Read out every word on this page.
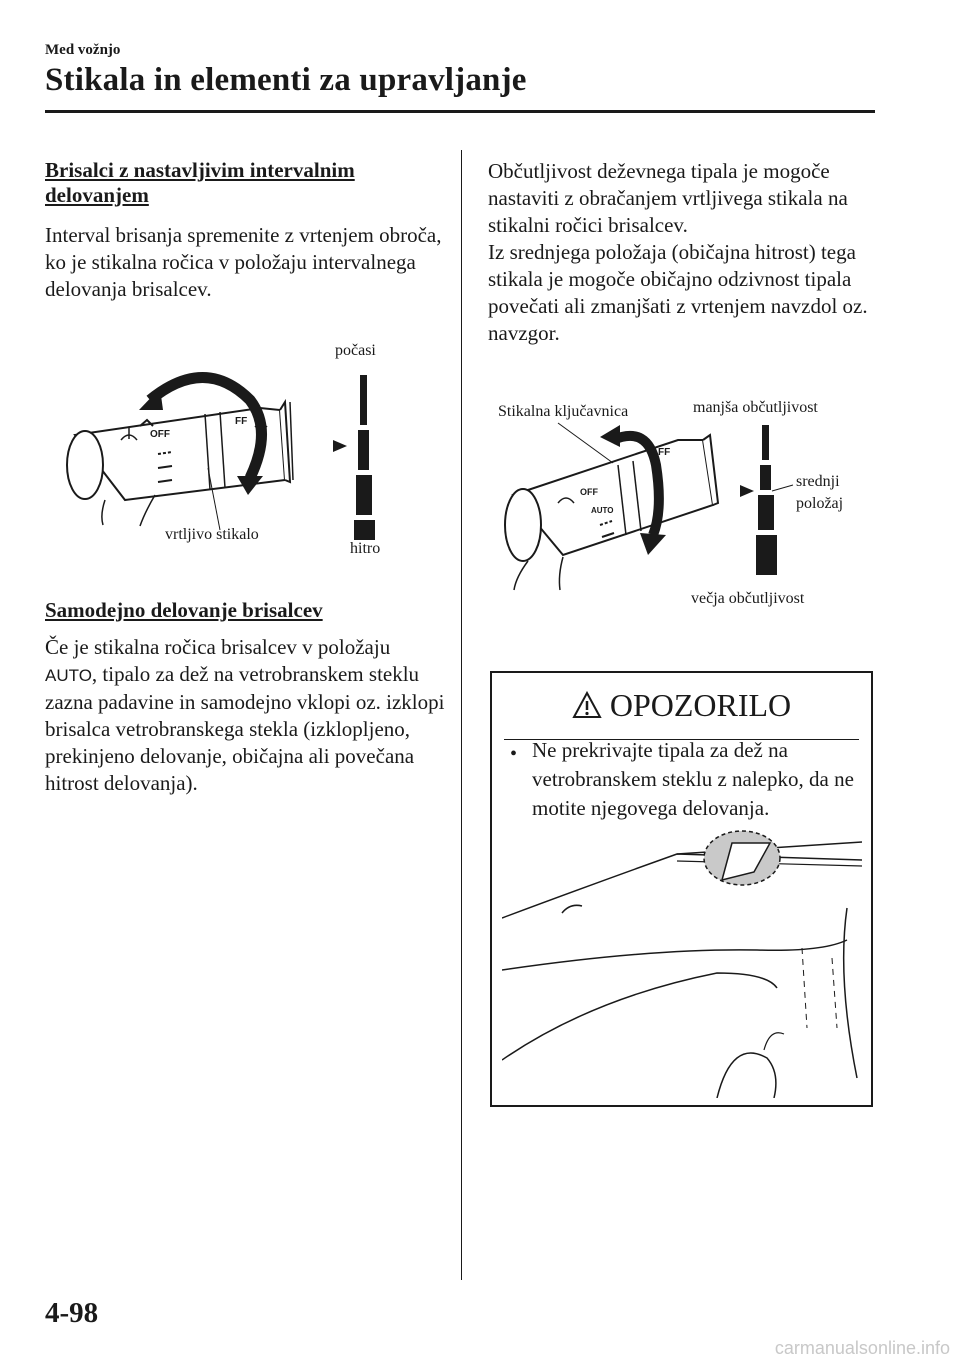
Med vožnjo
Stikala in elementi za upravljanje
Brisalci z nastavljivim intervalnim
delovanjem
Interval brisanja spremenite z vrtenjem obroča, ko je stikalna ročica v položaju intervalnega delovanja brisalcev.
OFF
FF
počasi
hitro
vrtljivo stikalo
Samodejno delovanje brisalcev
Če je stikalna ročica brisalcev v položaju AUTO, tipalo za dež na vetrobranskem steklu zazna padavine in samodejno vklopi oz. izklopi brisalca vetrobranskega stekla (izklopljeno, prekinjeno delovanje, običajna ali povečana hitrost delovanja).
Občutljivost deževnega tipala je mogoče nastaviti z obračanjem vrtljivega stikala na stikalni ročici brisalcev.
Iz srednjega položaja (običajna hitrost) tega stikala je mogoče običajno odzivnost tipala povečati ali zmanjšati z vrtenjem navzdol oz. navzgor.
OFF
AUTO
FF
Stikalna ključavnica	manjša občutljivost
srednji
položaj
večja občutljivost
OPOZORILO
• Ne prekrivajte tipala za dež na vetrobranskem steklu z nalepko, da ne motite njegovega delovanja.
4-98
carmanualsonline.info
